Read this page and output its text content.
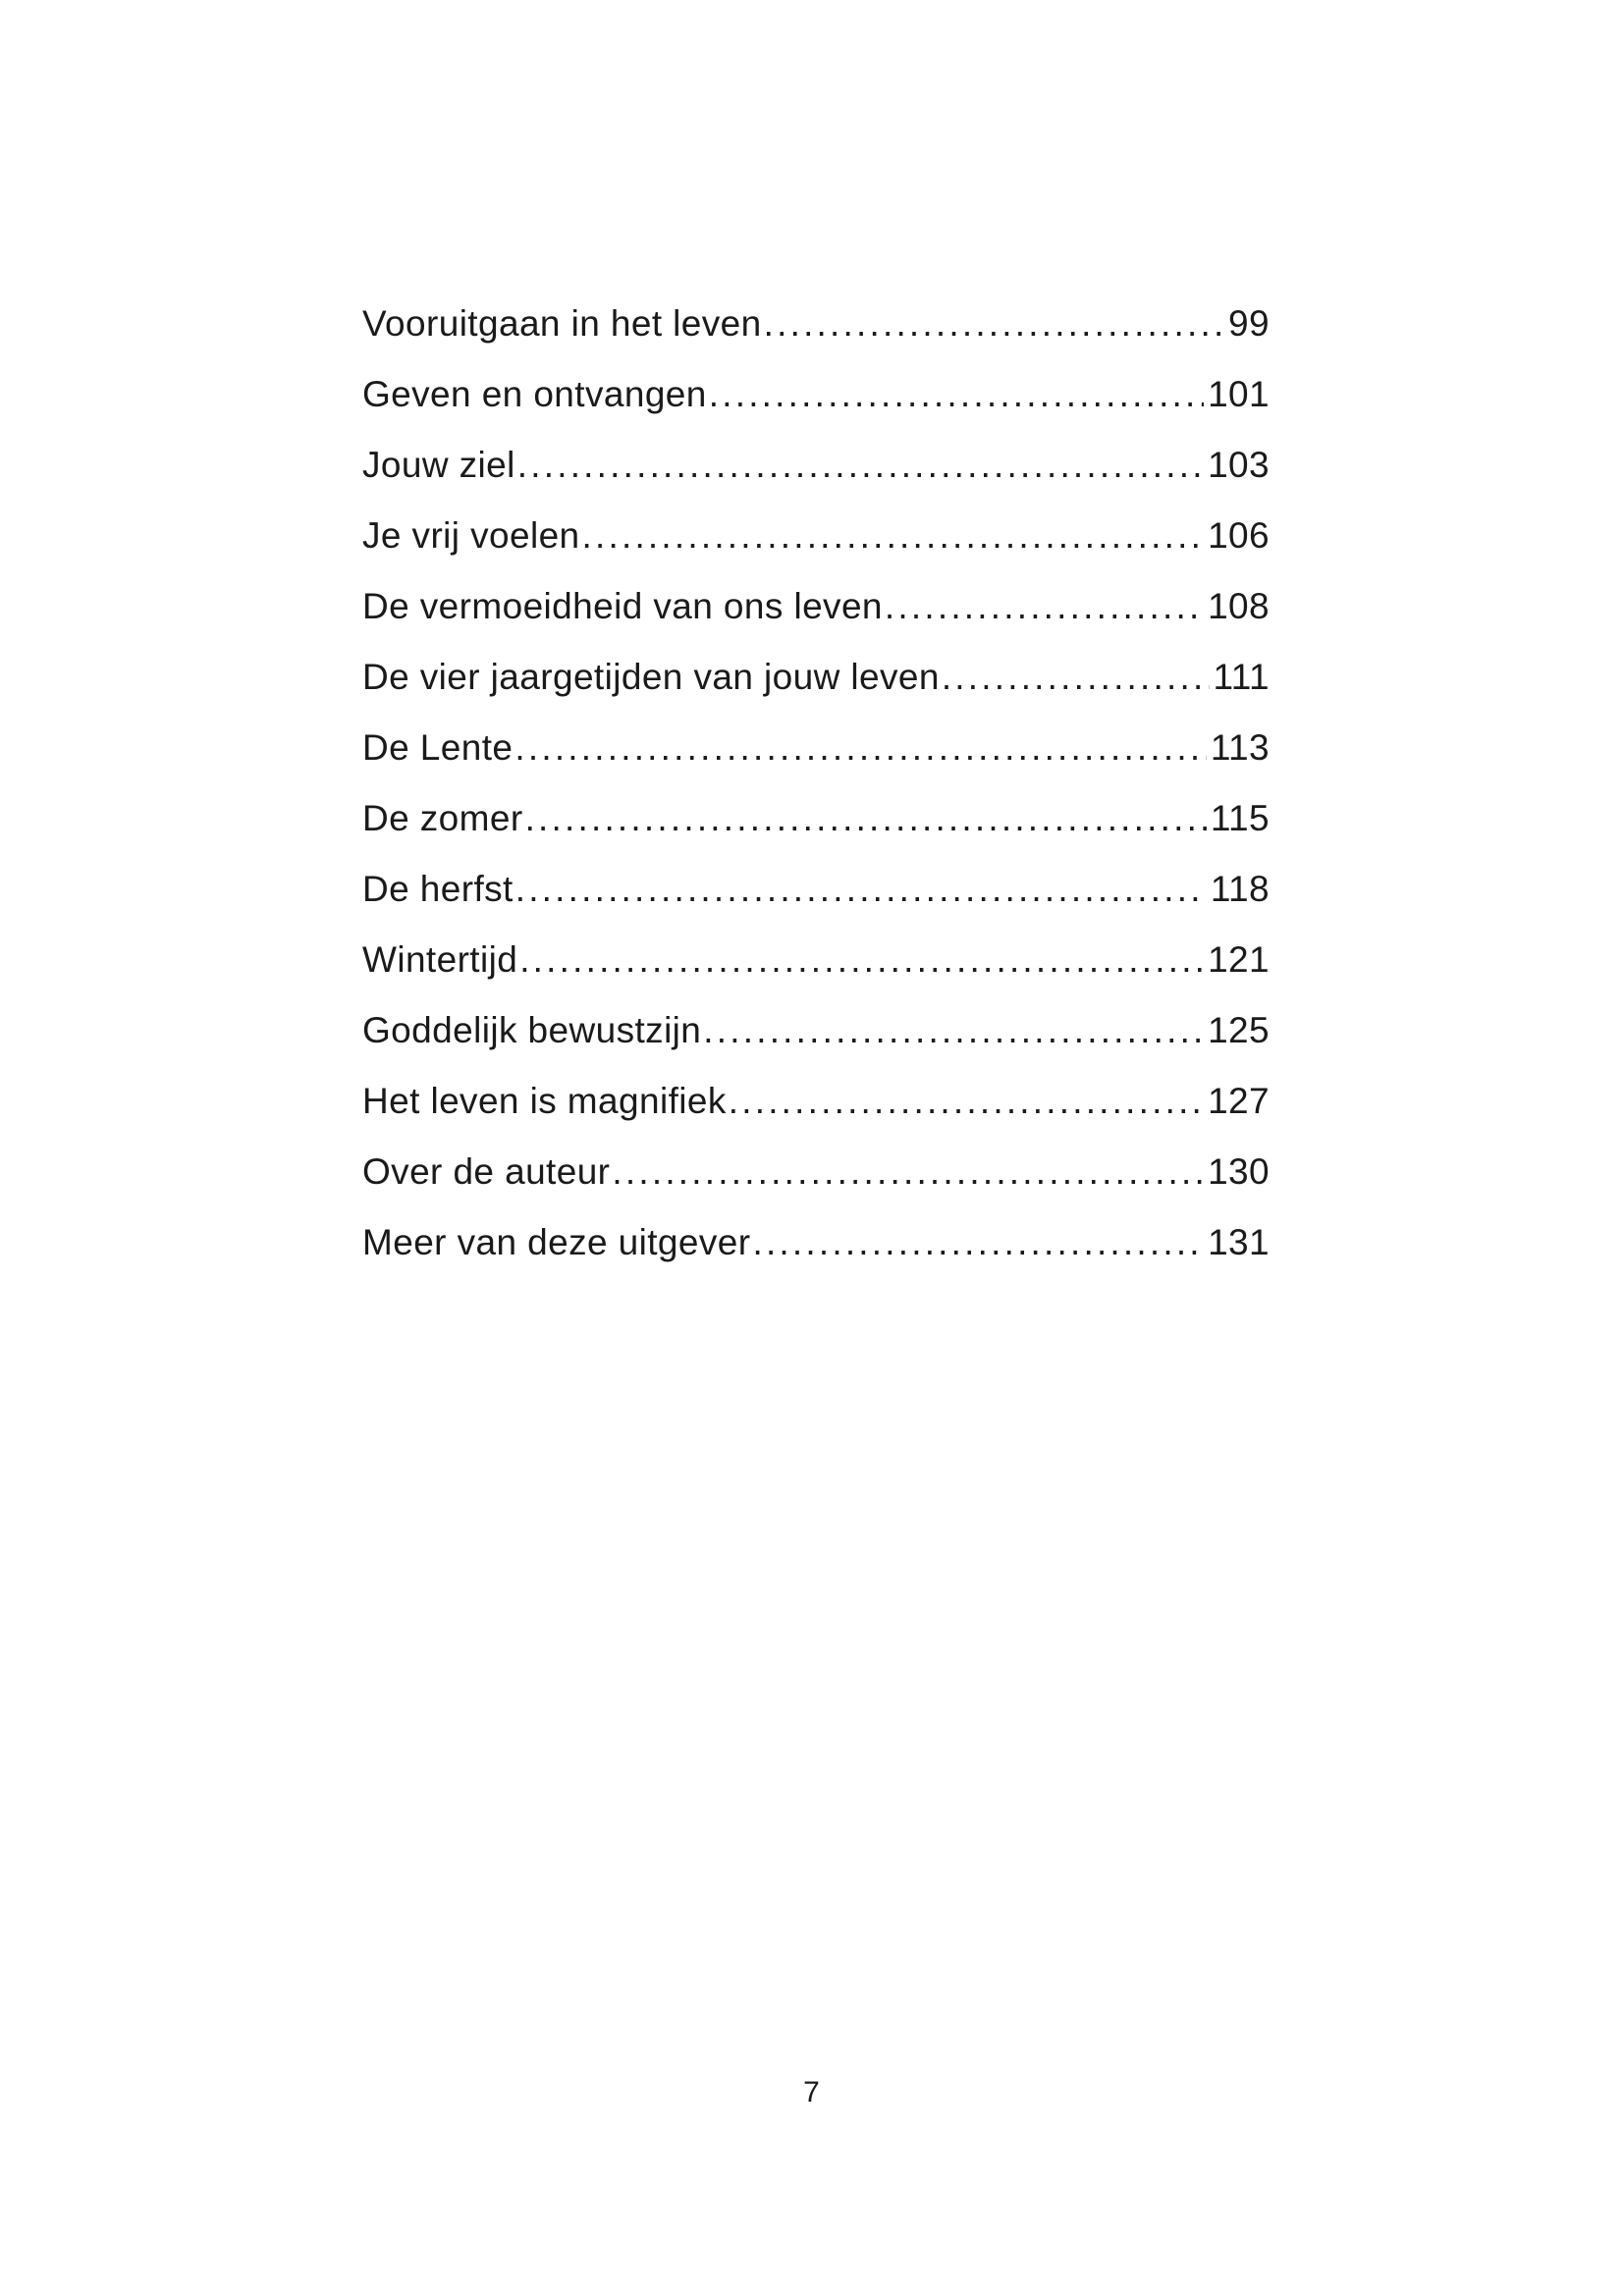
Vooruitgaan in het leven .....	99
Geven en ontvangen .....	101
Jouw ziel .....	103
Je vrij voelen .....	106
De vermoeidheid van ons leven .....	108
De vier jaargetijden van jouw leven .....	111
De Lente .....	113
De zomer .....	115
De herfst .....	118
Wintertijd .....	121
Goddelijk bewustzijn .....	125
Het leven is magnifiek .....	127
Over de auteur .....	130
Meer van deze uitgever .....	131
7
